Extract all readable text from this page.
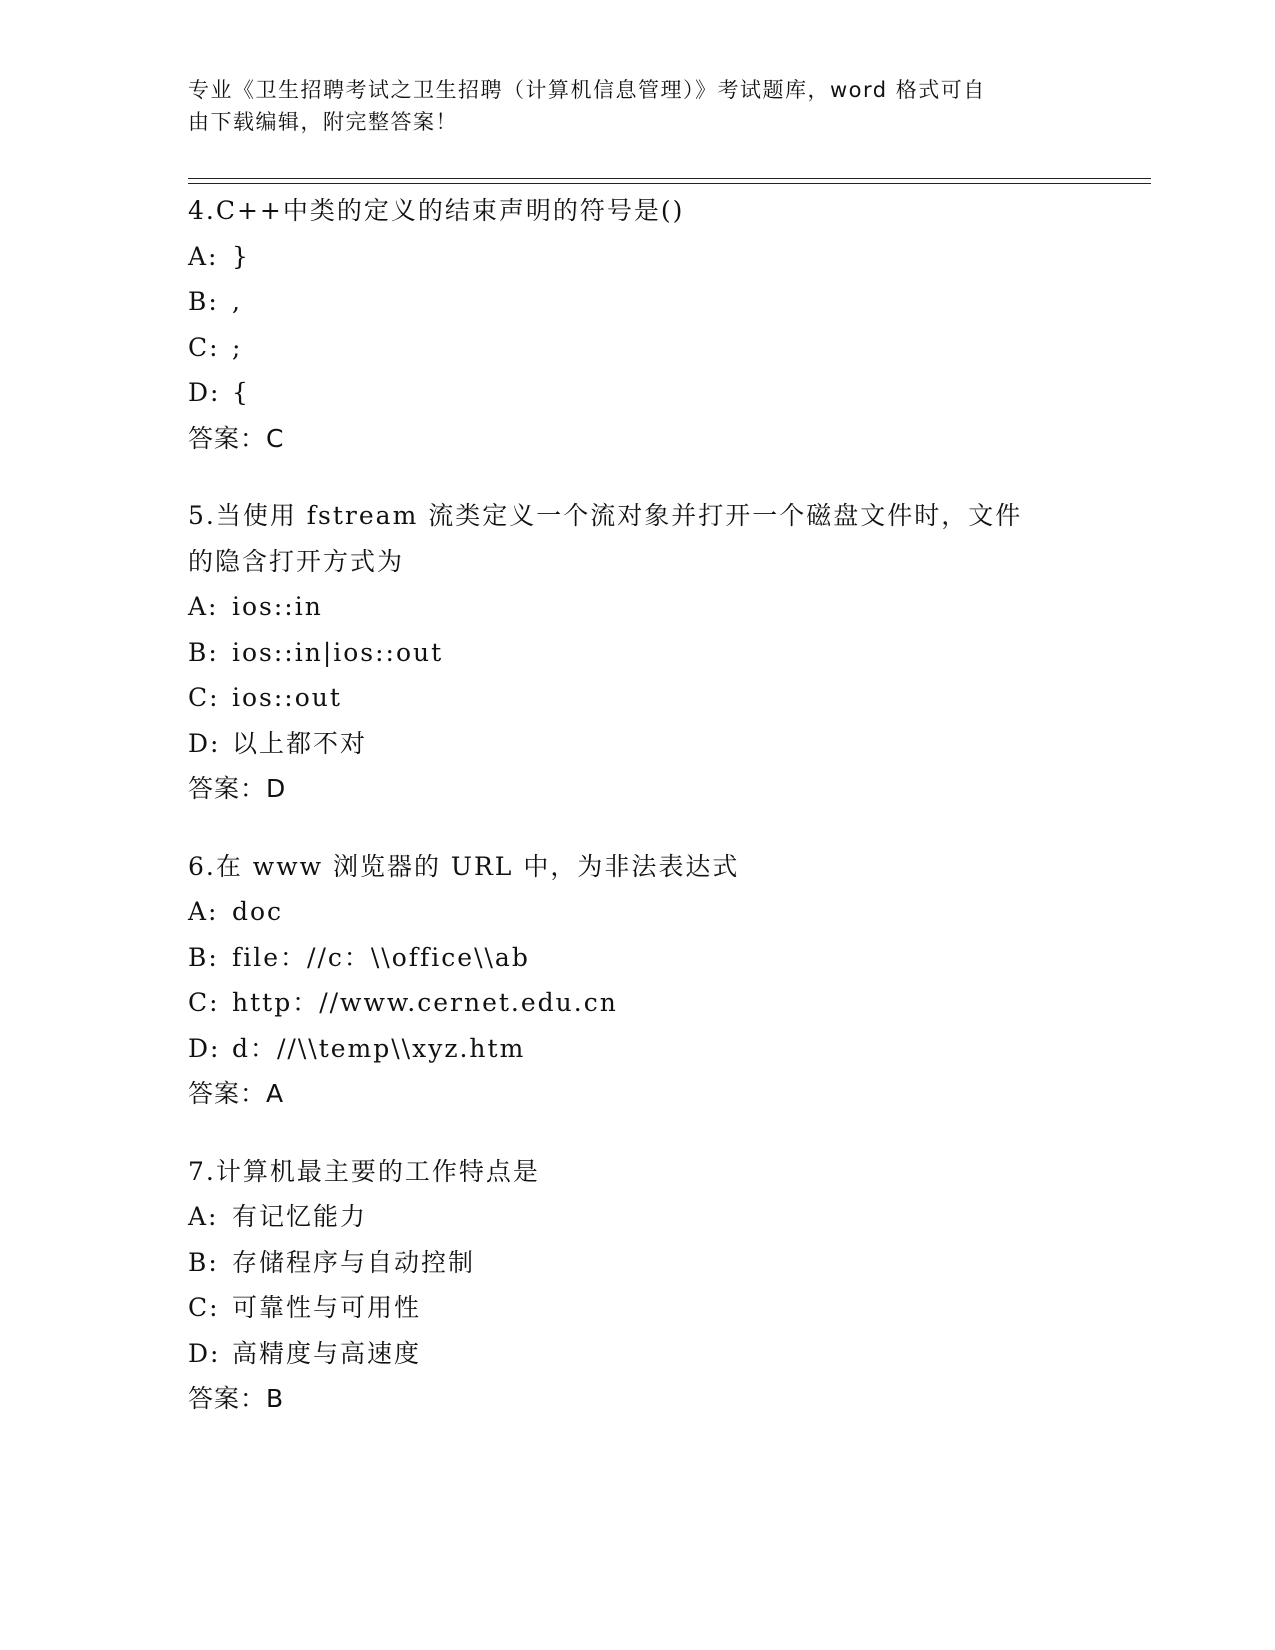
专业《卫生招聘考试之卫生招聘（计算机信息管理）》考试题库，word 格式可自
由下载编辑，附完整答案！
4.C++中类的定义的结束声明的符号是()
A: }
B: ,
C: ;
D: {
答案：C
5.当使用 fstream 流类定义一个流对象并打开一个磁盘文件时，文件
的隐含打开方式为
A: ios::in
B: ios::in|ios::out
C: ios::out
D: 以上都不对
答案：D
6.在 www 浏览器的 URL 中，为非法表达式
A: doc
B: file：//c：\\office\\ab
C: http：//www.cernet.edu.cn
D: d：//\\temp\\xyz.htm
答案：A
7.计算机最主要的工作特点是
A: 有记忆能力
B: 存储程序与自动控制
C: 可靠性与可用性
D: 高精度与高速度
答案：B
